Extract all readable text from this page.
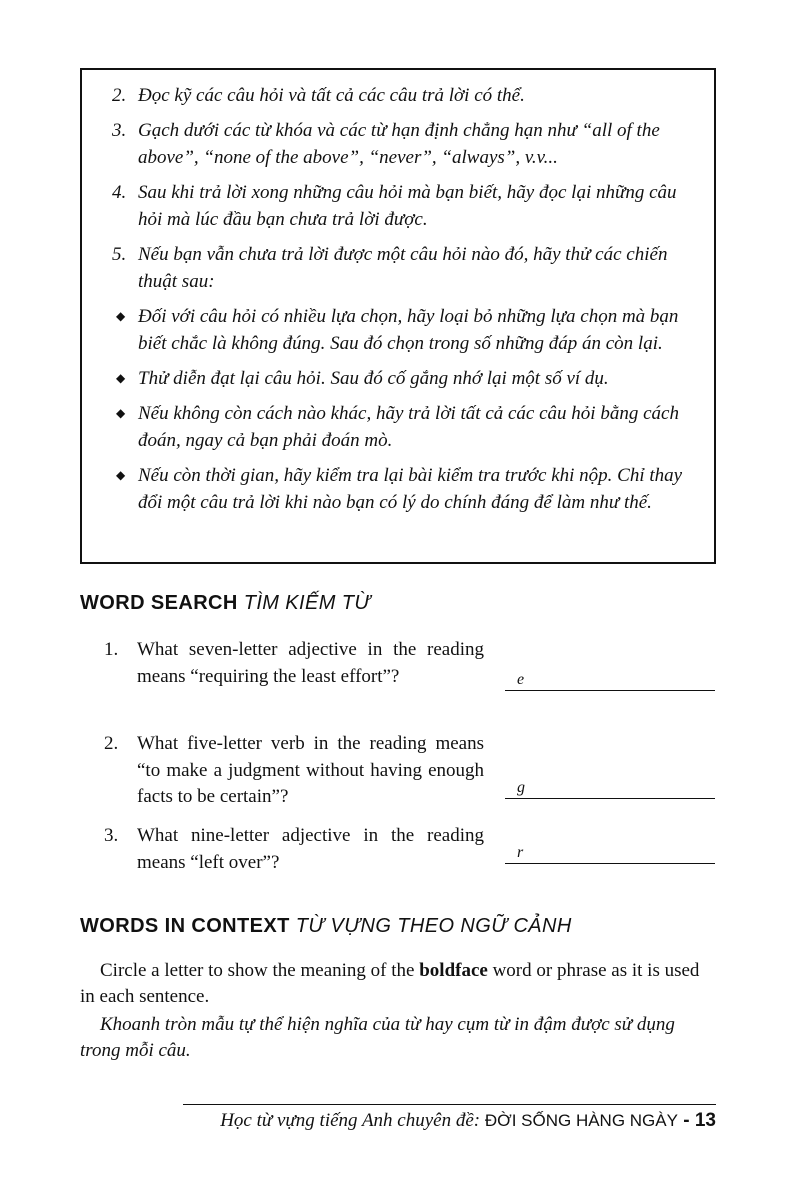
2. Đọc kỹ các câu hỏi và tất cả các câu trả lời có thể.
3. Gạch dưới các từ khóa và các từ hạn định chẳng hạn như “all of the above”, “none of the above”, “never”, “always”, v.v...
4. Sau khi trả lời xong những câu hỏi mà bạn biết, hãy đọc lại những câu hỏi mà lúc đầu bạn chưa trả lời được.
5. Nếu bạn vẫn chưa trả lời được một câu hỏi nào đó, hãy thử các chiến thuật sau:
◆ Đối với câu hỏi có nhiều lựa chọn, hãy loại bỏ những lựa chọn mà bạn biết chắc là không đúng. Sau đó chọn trong số những đáp án còn lại.
◆ Thử diễn đạt lại câu hỏi. Sau đó cố gắng nhớ lại một số ví dụ.
◆ Nếu không còn cách nào khác, hãy trả lời tất cả các câu hỏi bằng cách đoán, ngay cả bạn phải đoán mò.
◆ Nếu còn thời gian, hãy kiểm tra lại bài kiểm tra trước khi nộp. Chỉ thay đổi một câu trả lời khi nào bạn có lý do chính đáng để làm như thế.
WORD SEARCH TÌM KIẾM TỪ
1. What seven-letter adjective in the reading means “requiring the least effort”?	e
2. What five-letter verb in the reading means “to make a judgment without having enough facts to be certain”?	g
3. What nine-letter adjective in the reading means “left over”?	r
WORDS IN CONTEXT TỪ VỰNG THEO NGỮ CẢNH
Circle a letter to show the meaning of the boldface word or phrase as it is used in each sentence.
Khoanh tròn mẫu tự thể hiện nghĩa của từ hay cụm từ in đậm được sử dụng trong mỗi câu.
Học từ vựng tiếng Anh chuyên đề: ĐỜI SỐNG HÀNG NGÀY - 13
